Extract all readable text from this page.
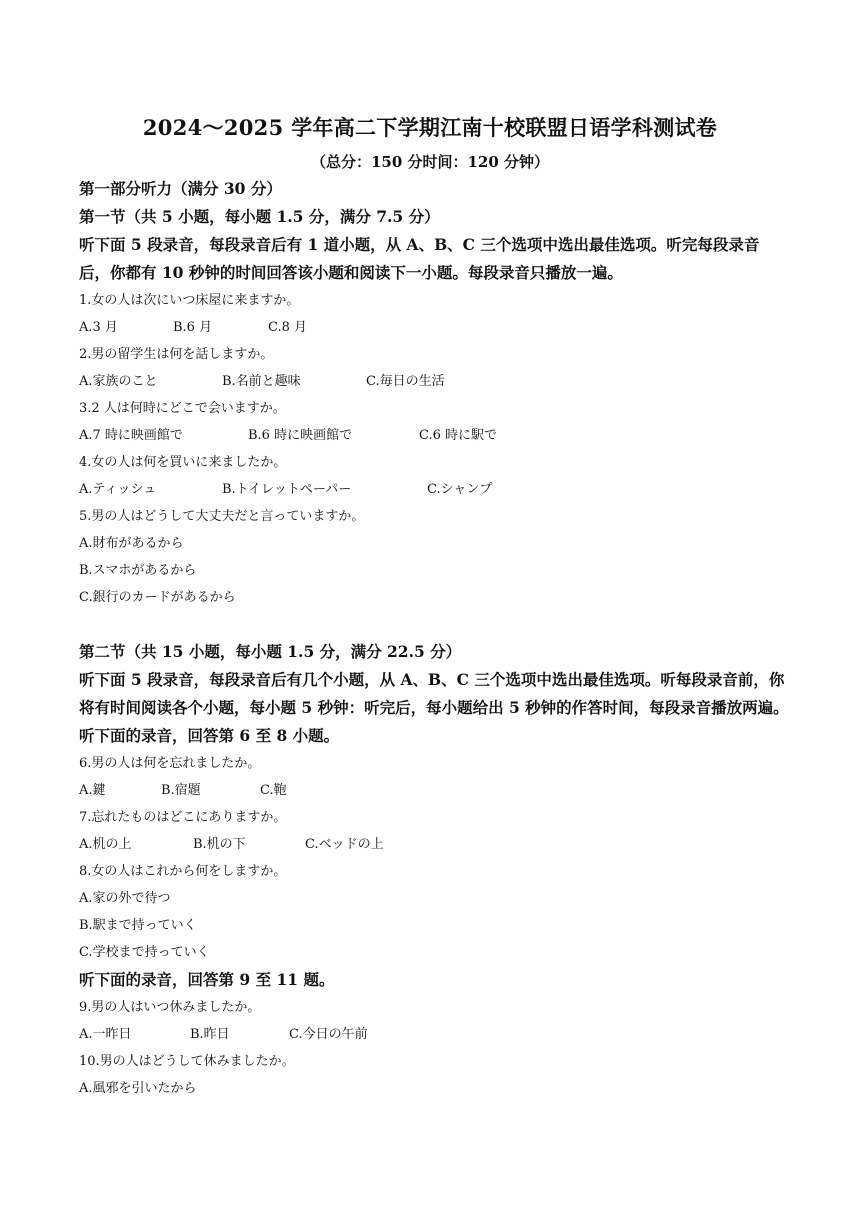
2024～2025 学年高二下学期江南十校联盟日语学科测试卷
（总分：150 分时间：120 分钟）
第一部分听力（满分 30 分）
第一节（共 5 小题，每小题 1.5 分，满分 7.5 分）
听下面 5 段录音，每段录音后有 1 道小题，从 A、B、C 三个选项中选出最佳选项。听完每段录音后，你都有 10 秒钟的时间回答该小题和阅读下一小题。每段录音只播放一遍。
1.女の人は次にいつ床屋に来ますか。
A.3 月	B.6 月	C.8 月
2.男の留学生は何を話しますか。
A.家族のこと	B.名前と趣味	C.毎日の生活
3.2 人は何時にどこで会いますか。
A.7 時に映画館で	B.6 時に映画館で	C.6 時に駅で
4.女の人は何を買いに来ましたか。
A.ティッシュ	B.トイレットペーパー	C.シャンプ
5.男の人はどうして大丈夫だと言っていますか。
A.財布があるから
B.スマホがあるから
C.銀行のカードがあるから
第二节（共 15 小题，每小题 1.5 分，满分 22.5 分）
听下面 5 段录音，每段录音后有几个小题，从 A、B、C 三个选项中选出最佳选项。听每段录音前，你将有时间阅读各个小题，每小题 5 秒钟：听完后，每小题给出 5 秒钟的作答时间，每段录音播放两遍。
听下面的录音，回答第 6 至 8 小题。
6.男の人は何を忘れましたか。
A.鍵	B.宿題	C.鞄
7.忘れたものはどこにありますか。
A.机の上	B.机の下	C.ベッドの上
8.女の人はこれから何をしますか。
A.家の外で待つ
B.駅まで持っていく
C.学校まで持っていく
听下面的录音，回答第 9 至 11 题。
9.男の人はいつ休みましたか。
A.一昨日	B.昨日	C.今日の午前
10.男の人はどうして休みましたか。
A.風邪を引いたから
